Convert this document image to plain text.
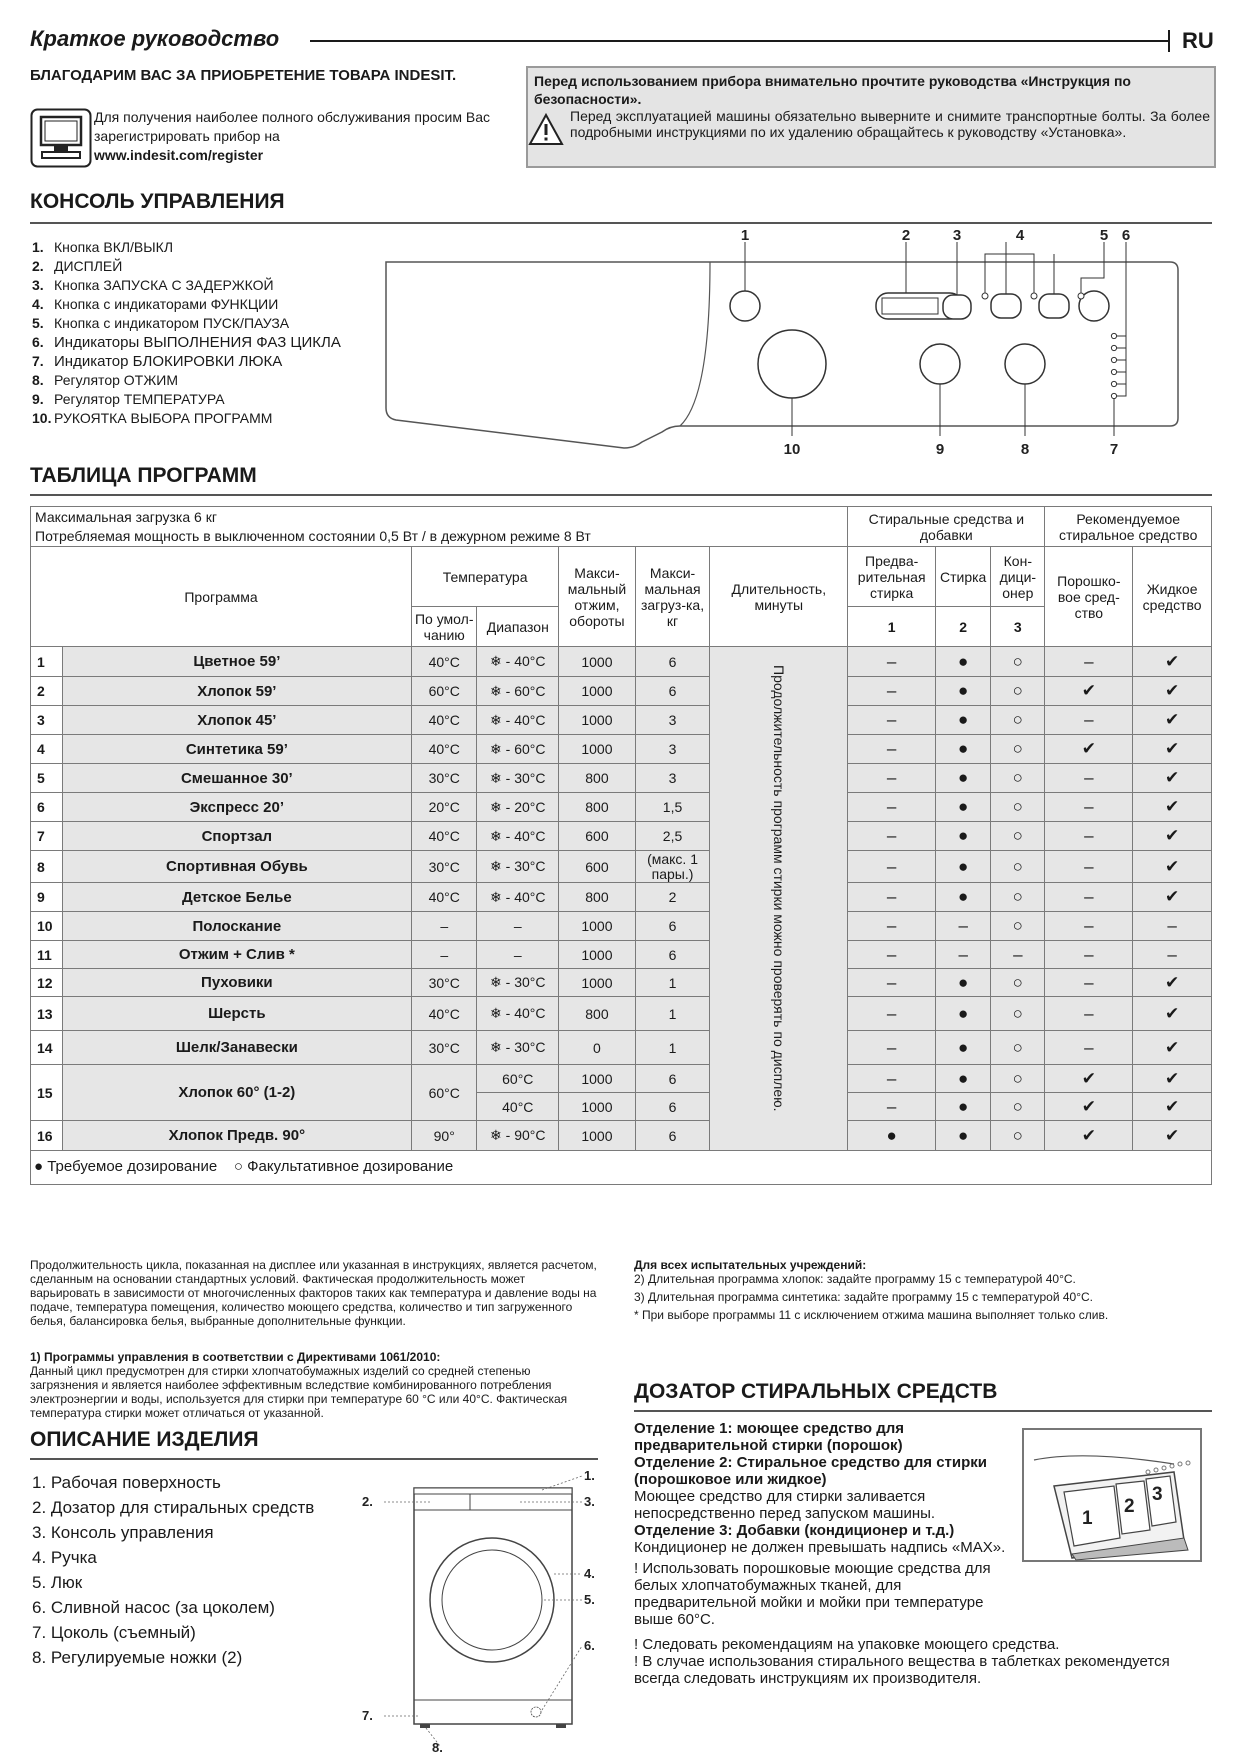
Краткое руководство	RU
БЛАГОДАРИМ ВАС ЗА ПРИОБРЕТЕНИЕ ТОВАРА INDESIT.
Для получения наиболее полного обслуживания просим Вас зарегистрировать прибор на
www.indesit.com/register
Перед использованием прибора внимательно прочтите руководства «Инструкция по безопасности».
Перед эксплуатацией машины обязательно выверните и снимите транспортные болты. За более подробными инструкциями по их удалению обращайтесь к руководству «Установка».
КОНСОЛЬ УПРАВЛЕНИЯ
1. Кнопка ВКЛ/ВЫКЛ
2. ДИСПЛЕЙ
3. Кнопка ЗАПУСКА С ЗАДЕРЖКОЙ
4. Кнопка с индикаторами ФУНКЦИИ
5. Кнопка с индикатором ПУСК/ПАУЗА
6. Индикаторы ВЫПОЛНЕНИЯ ФАЗ ЦИКЛА
7. Индикатор БЛОКИРОВКИ ЛЮКА
8. Регулятор ОТЖИМ
9. Регулятор ТЕМПЕРАТУРА
10. РУКОЯТКА ВЫБОРА ПРОГРАММ
1	2	3	4	5 6
10	9	8	7
ТАБЛИЦА ПРОГРАММ
Максимальная загрузка 6 кг
Потребляемая мощность в выключенном состоянии 0,5 Вт / в дежурном режиме 8 Вт							Стиральные средства и добавки			Рекомендуемое стиральное средство	
Программа		Температура		Макси-мальный отжим, обороты	Макси-мальная загруз-ка, кг	Длительность, минуты	Предва-рительная стирка	Стирка	Кон-дици-онер	Порошко-вое сред-ство	Жидкое средство
		По умол-чанию	Диапазон				1	2	3		
1	Цветное 59’	40°C	❄ - 40°C	1000	6	Продолжительность программ стирки можно проверять по дисплею.	–	●	○	–	✔
2	Хлопок 59’	60°C	❄ - 60°C	1000	6		–	●	○	✔	✔
3	Хлопок 45’	40°C	❄ - 40°C	1000	3		–	●	○	–	✔
4	Синтетика 59’	40°C	❄ - 60°C	1000	3		–	●	○	✔	✔
5	Смешанное 30’	30°C	❄ - 30°C	800	3		–	●	○	–	✔
6	Экспресс 20’	20°C	❄ - 20°C	800	1,5		–	●	○	–	✔
7	Спортзал	40°C	❄ - 40°C	600	2,5		–	●	○	–	✔
8	Спортивная Обувь	30°C	❄ - 30°C	600	(макс. 1 пары.)		–	●	○	–	✔
9	Детское Белье	40°C	❄ - 40°C	800	2		–	●	○	–	✔
10	Полоскание	–	–	1000	6		–	–	○	–	–
11	Отжим + Слив *	–	–	1000	6		–	–	–	–	–
12	Пуховики	30°C	❄ - 30°C	1000	1		–	●	○	–	✔
13	Шерсть	40°C	❄ - 40°C	800	1		–	●	○	–	✔
14	Шелк/Занавески	30°C	❄ - 30°C	0	1		–	●	○	–	✔
15	Хлопок 60° (1-2)	60°C	60°C	1000	6		–	●	○	✔	✔
			40°C	1000	6		–	●	○	✔	✔
16	Хлопок Предв. 90°	90°	❄ - 90°C	1000	6		●	●	○	✔	✔

● Требуемое дозирование ○ Факультативное дозирование
Продолжительность цикла, показанная на дисплее или указанная в инструкциях, является расчетом, сделанным на основании стандартных условий. Фактическая продолжительность может варьировать в зависимости от многочисленных факторов таких как температура и давление воды на подаче, температура помещения, количество моющего средства, количество и тип загруженного белья, балансировка белья, выбранные дополнительные функции.
1) Программы управления в соответствии с Директивами 1061/2010:
Данный цикл предусмотрен для стирки хлопчатобумажных изделий со средней степенью загрязнения и является наиболее эффективным вследствие комбинированного потребления электроэнергии и воды, используется для стирки при температуре 60 °C или 40°C. Фактическая температура стирки может отличаться от указанной.
Для всех испытательных учреждений:
2) Длительная программа хлопок: задайте программу 15 с температурой 40°C.
3) Длительная программа синтетика: задайте программу 15 с температурой 40°C.
* При выборе программы 11 с исключением отжима машина выполняет только слив.
ДОЗАТОР СТИРАЛЬНЫХ СРЕДСТВ
Отделение 1: моющее средство для предварительной стирки (порошок)
Отделение 2: Стиральное средство для стирки (порошковое или жидкое)
Моющее средство для стирки заливается непосредственно перед запуском машины.
Отделение 3: Добавки (кондиционер и т.д.)
Кондиционер не должен превышать надпись «MAX».
! Использовать порошковые моющие средства для белых хлопчатобумажных тканей, для предварительной мойки и мойки при температуре выше 60°C.
! Следовать рекомендациям на упаковке моющего средства.
! В случае использования стирального вещества в таблетках рекомендуется всегда следовать инструкциям их производителя.
1
2
3
ОПИСАНИЕ ИЗДЕЛИЯ
1. Рабочая поверхность
2. Дозатор для стиральных средств
3. Консоль управления
4. Ручка
5. Люк
6. Сливной насос (за цоколем)
7. Цоколь (съемный)
8. Регулируемые ножки (2)
1.
2.	3.
4.
5.
6.
7.
8.
